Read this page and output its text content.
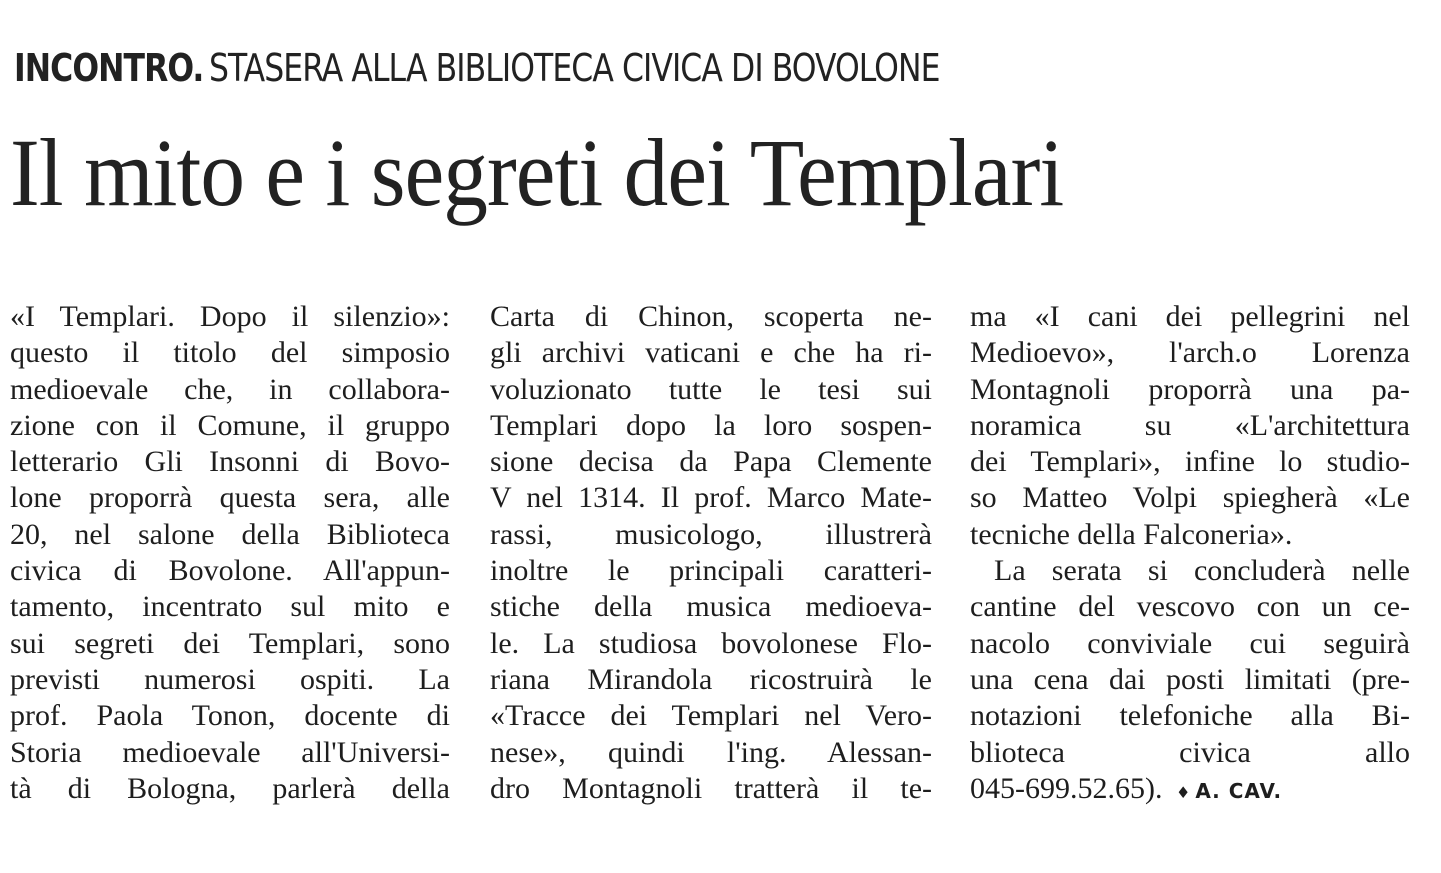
INCONTRO. STASERA ALLA BIBLIOTECA CIVICA DI BOVOLONE
Il mito e i segreti dei Templari
«I Templari. Dopo il silenzio»:
questo il titolo del simposio
medioevale che, in collabora-
zione con il Comune, il gruppo
letterario Gli Insonni di Bovo-
lone proporrà questa sera, alle
20, nel salone della Biblioteca
civica di Bovolone. All'appun-
tamento, incentrato sul mito e
sui segreti dei Templari, sono
previsti numerosi ospiti. La
prof. Paola Tonon, docente di
Storia medioevale all'Universi-
tà di Bologna, parlerà della
Carta di Chinon, scoperta ne-
gli archivi vaticani e che ha ri-
voluzionato tutte le tesi sui
Templari dopo la loro sospen-
sione decisa da Papa Clemente
V nel 1314. Il prof. Marco Mate-
rassi, musicologo, illustrerà
inoltre le principali caratteri-
stiche della musica medioeva-
le. La studiosa bovolonese Flo-
riana Mirandola ricostruirà le
«Tracce dei Templari nel Vero-
nese», quindi l'ing. Alessan-
dro Montagnoli tratterà il te-
ma «I cani dei pellegrini nel
Medioevo», l'arch.o Lorenza
Montagnoli proporrà una pa-
noramica su «L'architettura
dei Templari», infine lo studio-
so Matteo Volpi spiegherà «Le
tecniche della Falconeria».
La serata si concluderà nelle
cantine del vescovo con un ce-
nacolo conviviale cui seguirà
una cena dai posti limitati (pre-
notazioni telefoniche alla Bi-
blioteca civica allo
045-699.52.65). ♦ A. CAV.
